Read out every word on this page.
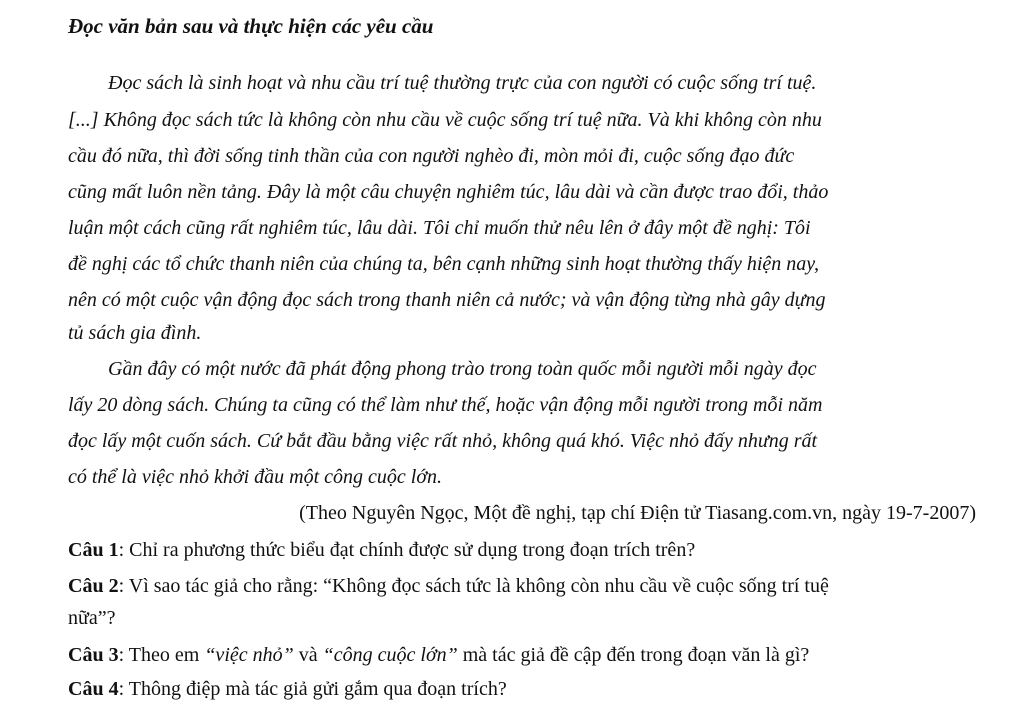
Đọc văn bản sau và thực hiện các yêu cầu
Đọc sách là sinh hoạt và nhu cầu trí tuệ thường trực của con người có cuộc sống trí tuệ.
[...] Không đọc sách tức là không còn nhu cầu về cuộc sống trí tuệ nữa. Và khi không còn nhu
cầu đó nữa, thì đời sống tinh thần của con người nghèo đi, mòn mỏi đi, cuộc sống đạo đức
cũng mất luôn nền tảng. Đây là một câu chuyện nghiêm túc, lâu dài và cần được trao đổi, thảo
luận một cách cũng rất nghiêm túc, lâu dài. Tôi chỉ muốn thử nêu lên ở đây một đề nghị: Tôi
đề nghị các tổ chức thanh niên của chúng ta, bên cạnh những sinh hoạt thường thấy hiện nay,
nên có một cuộc vận động đọc sách trong thanh niên cả nước; và vận động từng nhà gây dựng
tủ sách gia đình.
Gần đây có một nước đã phát động phong trào trong toàn quốc mỗi người mỗi ngày đọc
lấy 20 dòng sách. Chúng ta cũng có thể làm như thế, hoặc vận động mỗi người trong mỗi năm
đọc lấy một cuốn sách. Cứ bắt đầu bằng việc rất nhỏ, không quá khó. Việc nhỏ đấy nhưng rất
có thể là việc nhỏ khởi đầu một công cuộc lớn.
(Theo Nguyên Ngọc, Một đề nghị, tạp chí Điện tử Tiasang.com.vn, ngày 19-7-2007)
Câu 1: Chỉ ra phương thức biểu đạt chính được sử dụng trong đoạn trích trên?
Câu 2: Vì sao tác giả cho rằng: “Không đọc sách tức là không còn nhu cầu về cuộc sống trí tuệ
nữa”?
Câu 3: Theo em “việc nhỏ” và “công cuộc lớn” mà tác giả đề cập đến trong đoạn văn là gì?
Câu 4: Thông điệp mà tác giả gửi gắm qua đoạn trích?
